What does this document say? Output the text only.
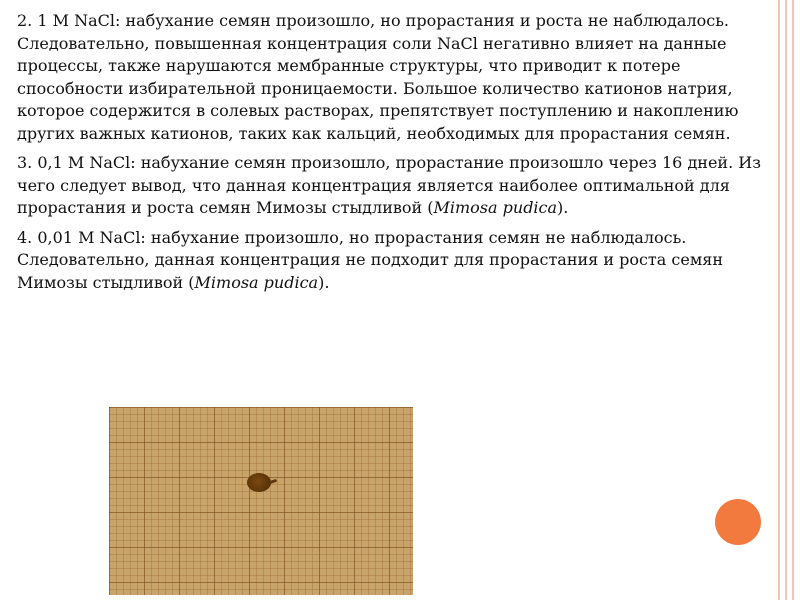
2. 1 M NaCl: набухание семян произошло, но прорастания и роста не наблюдалось. Следовательно, повышенная концентрация соли NaCl негативно влияет на данные процессы, также нарушаются мембранные структуры, что приводит к потере способности избирательной проницаемости. Большое количество катионов натрия, которое содержится в солевых растворах, препятствует поступлению и накоплению других важных катионов, таких как кальций, необходимых для прорастания семян.

3. 0,1 M NaCl: набухание семян произошло, прорастание произошло через 16 дней. Из чего следует вывод, что данная концентрация является наиболее оптимальной для прорастания и роста семян Мимозы стыдливой (Mimosa pudica).

4. 0,01 M NaCl: набухание произошло, но прорастания семян не наблюдалось. Следовательно, данная концентрация не подходит для прорастания и роста семян Мимозы стыдливой (Mimosa pudica).
